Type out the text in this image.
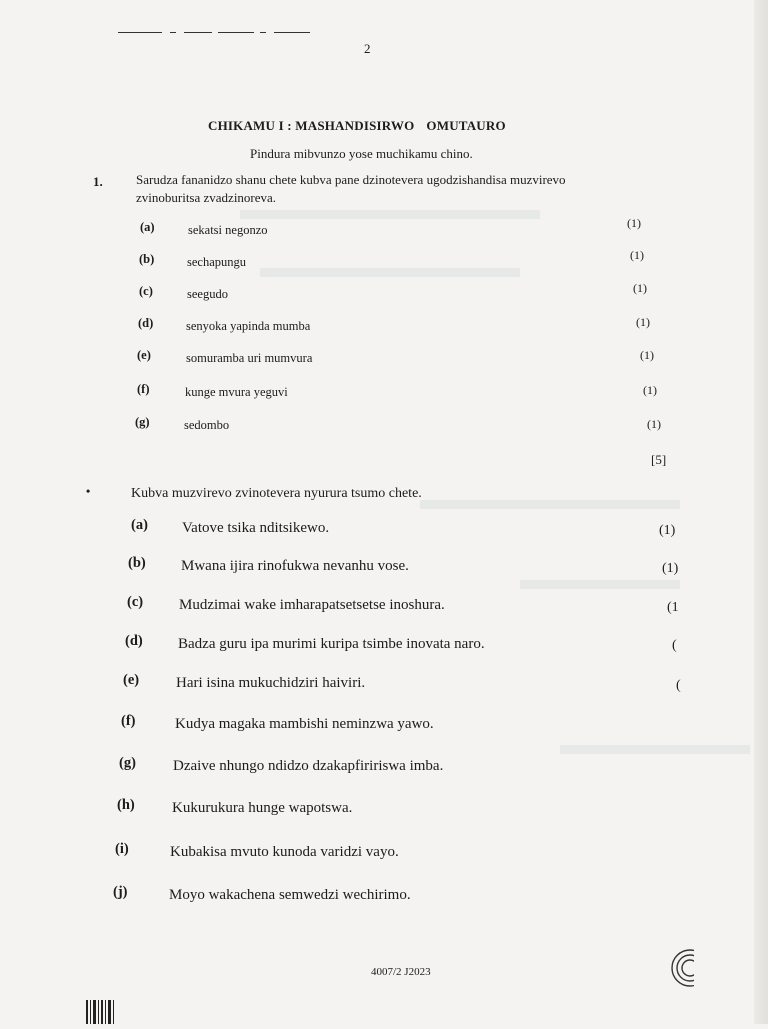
2
CHIKAMU I : MASHANDISIRWO OMUTAURO
Pindura mibvunzo yose muchikamu chino.
1.	Sarudza fananidzo shanu chete kubva pane dzinotevera ugodzishandisa muzvirevo
zvinoburitsa zvadzinoreva.
(a)	sekatsi negonzo	(1)
(b)	sechapungu	(1)
(c)	seegudo	(1)
(d)	senyoka yapinda mumba	(1)
(e)	somuramba uri mumvura	(1)
(f)	kunge mvura yeguvi	(1)
(g)	sedombo	(1)
[5]
•	Kubva muzvirevo zvinotevera nyurura tsumo chete.
(a) Vatove tsika nditsikewo.	(1)
(b) Mwana ijira rinofukwa nevanhu vose.	(1)
(c) Mudzimai wake imharapatsetsetse inoshura.	(1
(d) Badza guru ipa murimi kuripa tsimbe inovata naro.	(
(e) Hari isina mukuchidziri haiviri.	(
(f)	Kudya magaka mambishi neminzwa yawo.
(g) Dzaive nhungo ndidzo dzakapfiririswa imba.
(h) Kukurukura hunge wapotswa.
(i)	Kubakisa mvuto kunoda varidzi vayo.
(j)	Moyo wakachena semwedzi wechirimo.
4007/2 J2023
